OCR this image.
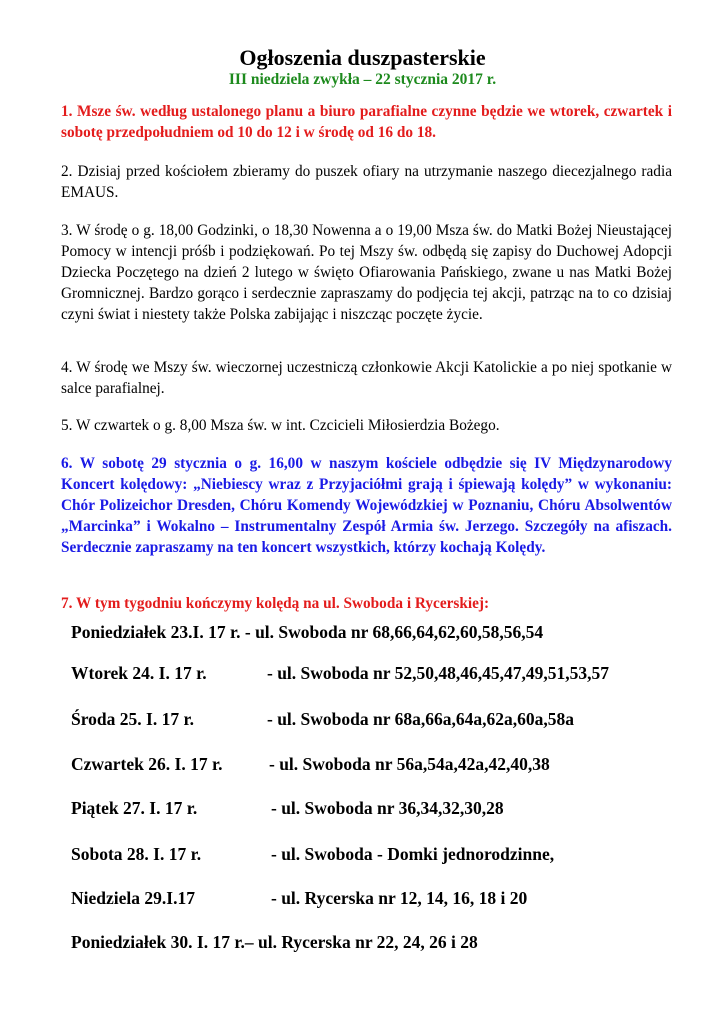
Ogłoszenia duszpasterskie
III niedziela zwykła – 22 stycznia 2017 r.
1. Msze św. według ustalonego planu a biuro parafialne czynne będzie we wtorek, czwartek i sobotę przedpołudniem od 10 do 12 i w środę od 16 do 18.
2. Dzisiaj przed kościołem zbieramy do puszek ofiary na utrzymanie naszego diecezjalnego radia EMAUS.
3. W środę o g. 18,00 Godzinki, o 18,30 Nowenna a o 19,00 Msza św. do Matki Bożej Nieustającej Pomocy w intencji próśb i podziękowań. Po tej Mszy św. odbędą się zapisy do Duchowej Adopcji Dziecka Poczętego na dzień 2 lutego w święto Ofiarowania Pańskiego, zwane u nas Matki Bożej Gromnicznej. Bardzo gorąco i serdecznie zapraszamy do podjęcia tej akcji, patrząc na to co dzisiaj czyni świat i niestety także Polska zabijając i niszcząc poczęte życie.
4. W środę we Mszy św. wieczornej uczestniczą członkowie Akcji Katolickie a po niej spotkanie w salce parafialnej.
5. W czwartek o g. 8,00 Msza św. w int. Czcicieli Miłosierdzia Bożego.
6. W sobotę 29 stycznia o g. 16,00 w naszym kościele odbędzie się IV Międzynarodowy Koncert kolędowy: „Niebiescy wraz z Przyjaciółmi grają i śpiewają kolędy” w wykonaniu: Chór Polizeichor Dresden, Chóru Komendy Wojewódzkiej w Poznaniu, Chóru Absolwentów „Marcinka” i Wokalno – Instrumentalny Zespół Armia św. Jerzego. Szczegóły na afiszach. Serdecznie zapraszamy na ten koncert wszystkich, którzy kochają Kolędy.
7. W tym tygodniu kończymy kolędą na ul. Swoboda i Rycerskiej:
Poniedziałek 23.I. 17 r. - ul. Swoboda nr 68,66,64,62,60,58,56,54
Wtorek 24. I. 17 r.	- ul. Swoboda nr 52,50,48,46,45,47,49,51,53,57
Środa 25. I. 17 r.	- ul. Swoboda nr 68a,66a,64a,62a,60a,58a
Czwartek 26. I. 17 r.	- ul. Swoboda nr 56a,54a,42a,42,40,38
Piątek 27. I. 17 r.	- ul. Swoboda nr 36,34,32,30,28
Sobota 28. I. 17 r.	- ul. Swoboda - Domki jednorodzinne,
Niedziela 29.I.17	- ul. Rycerska nr 12, 14, 16, 18 i 20
Poniedziałek 30. I. 17 r.– ul. Rycerska nr 22, 24, 26 i 28
